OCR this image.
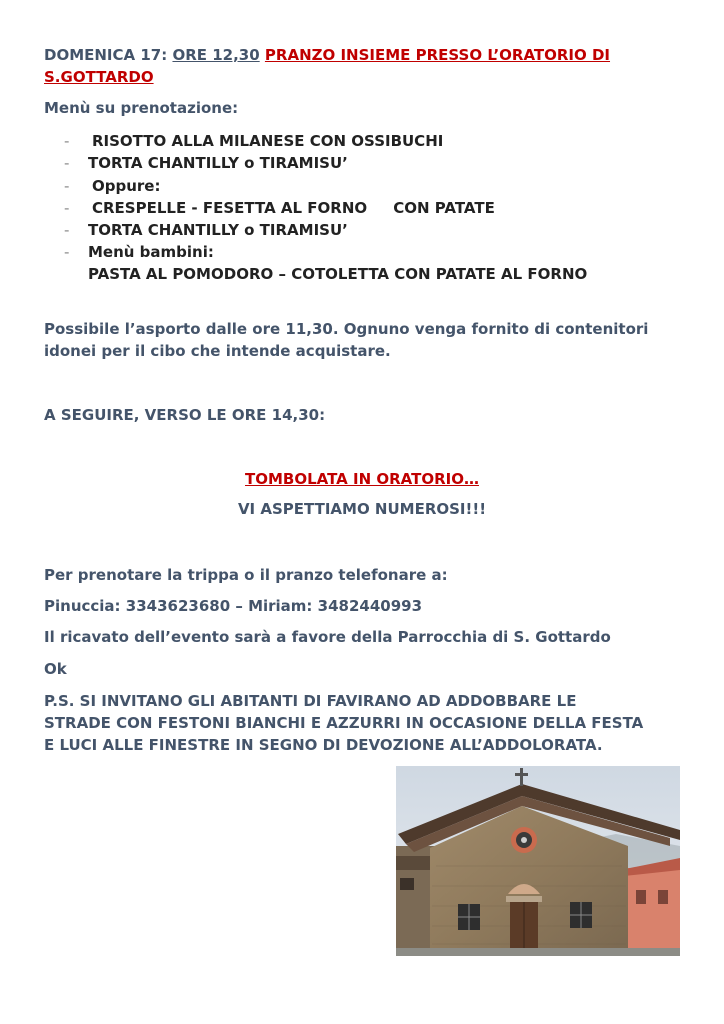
DOMENICA 17: ORE 12,30 PRANZO INSIEME PRESSO L’ORATORIO DI
S.GOTTARDO
Menù su prenotazione:
- RISOTTO ALLA MILANESE CON OSSIBUCHI
- TORTA CHANTILLY o TIRAMISU’
- Oppure:
- CRESPELLE - FESETTA AL FORNO     CON PATATE
- TORTA CHANTILLY o TIRAMISU’
- Menù bambini:
PASTA AL POMODORO – COTOLETTA CON PATATE AL FORNO
Possibile l’asporto dalle ore 11,30. Ognuno venga fornito di contenitori
idonei per il cibo che intende acquistare.
A SEGUIRE, VERSO LE ORE 14,30:
TOMBOLATA IN ORATORIO…
VI ASPETTIAMO NUMEROSI!!!
Per prenotare la trippa o il pranzo telefonare a:
Pinuccia: 3343623680 – Miriam: 3482440993
Il ricavato dell’evento sarà a favore della Parrocchia di S. Gottardo
Ok
P.S. SI INVITANO GLI ABITANTI DI FAVIRANO AD ADDOBBARE LE
STRADE CON FESTONI BIANCHI E AZZURRI IN OCCASIONE DELLA FESTA
E LUCI ALLE FINESTRE IN SEGNO DI DEVOZIONE ALL’ADDOLORATA.
